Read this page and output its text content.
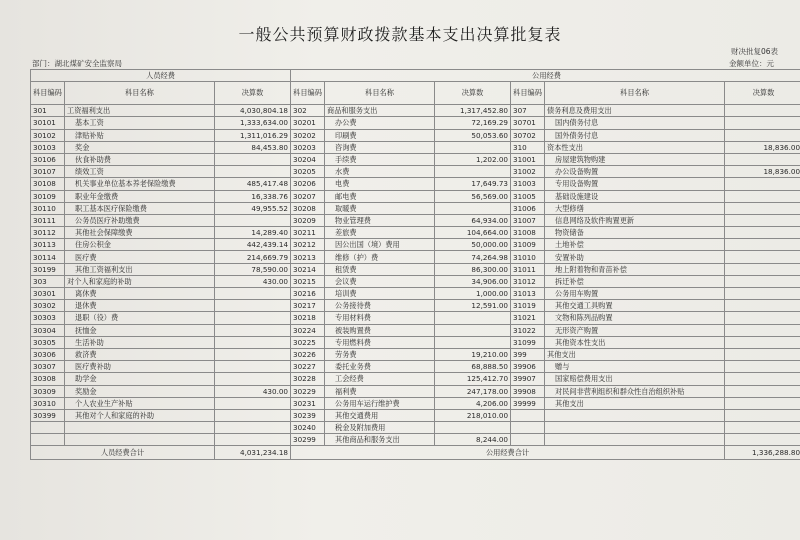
一般公共预算财政拨款基本支出决算批复表
财决批复06表
部门：湖北煤矿安全监察局	金额单位：元
人员经费			公用经费					
科目编码	科目名称	决算数	科目编码	科目名称	决算数	科目编码	科目名称	决算数
301	工资福利支出	4,030,804.18	302	商品和服务支出	1,317,452.80	307	债务利息及费用支出	
30101	基本工资	1,333,634.00	30201	办公费	72,169.29	30701	国内债务付息	
30102	津贴补贴	1,311,016.29	30202	印刷费	50,053.60	30702	国外债务付息	
30103	奖金	84,453.80	30203	咨询费		310	资本性支出	18,836.00
30106	伙食补助费		30204	手续费	1,202.00	31001	房屋建筑物购建	
30107	绩效工资		30205	水费		31002	办公设备购置	18,836.00
30108	机关事业单位基本养老保险缴费	485,417.48	30206	电费	17,649.73	31003	专用设备购置	
30109	职业年金缴费	16,338.76	30207	邮电费	56,569.00	31005	基础设施建设	
30110	职工基本医疗保险缴费	49,955.52	30208	取暖费		31006	大型修缮	
30111	公务员医疗补助缴费		30209	物业管理费	64,934.00	31007	信息网络及软件购置更新	
30112	其他社会保障缴费	14,289.40	30211	差旅费	104,664.00	31008	物资储备	
30113	住房公积金	442,439.14	30212	因公出国（境）费用	50,000.00	31009	土地补偿	
30114	医疗费	214,669.79	30213	维修（护）费	74,264.98	31010	安置补助	
30199	其他工资福利支出	78,590.00	30214	租赁费	86,300.00	31011	地上附着物和青苗补偿	
303	对个人和家庭的补助	430.00	30215	会议费	34,906.00	31012	拆迁补偿	
30301	离休费		30216	培训费	1,000.00	31013	公务用车购置	
30302	退休费		30217	公务接待费	12,591.00	31019	其他交通工具购置	
30303	退职（役）费		30218	专用材料费		31021	文物和陈列品购置	
30304	抚恤金		30224	被装购置费		31022	无形资产购置	
30305	生活补助		30225	专用燃料费		31099	其他资本性支出	
30306	救济费		30226	劳务费	19,210.00	399	其他支出	
30307	医疗费补助		30227	委托业务费	68,888.50	39906	赠与	
30308	助学金		30228	工会经费	125,412.70	39907	国家赔偿费用支出	
30309	奖励金	430.00	30229	福利费	247,178.00	39908	对民间非营利组织和群众性自治组织补贴	
30310	个人农业生产补贴		30231	公务用车运行维护费	4,206.00	39999	其他支出	
30399	其他对个人和家庭的补助		30239	其他交通费用	218,010.00			
			30240	税金及附加费用				
			30299	其他商品和服务支出	8,244.00			
人员经费合计		4,031,234.18	公用经费合计					1,336,288.80
